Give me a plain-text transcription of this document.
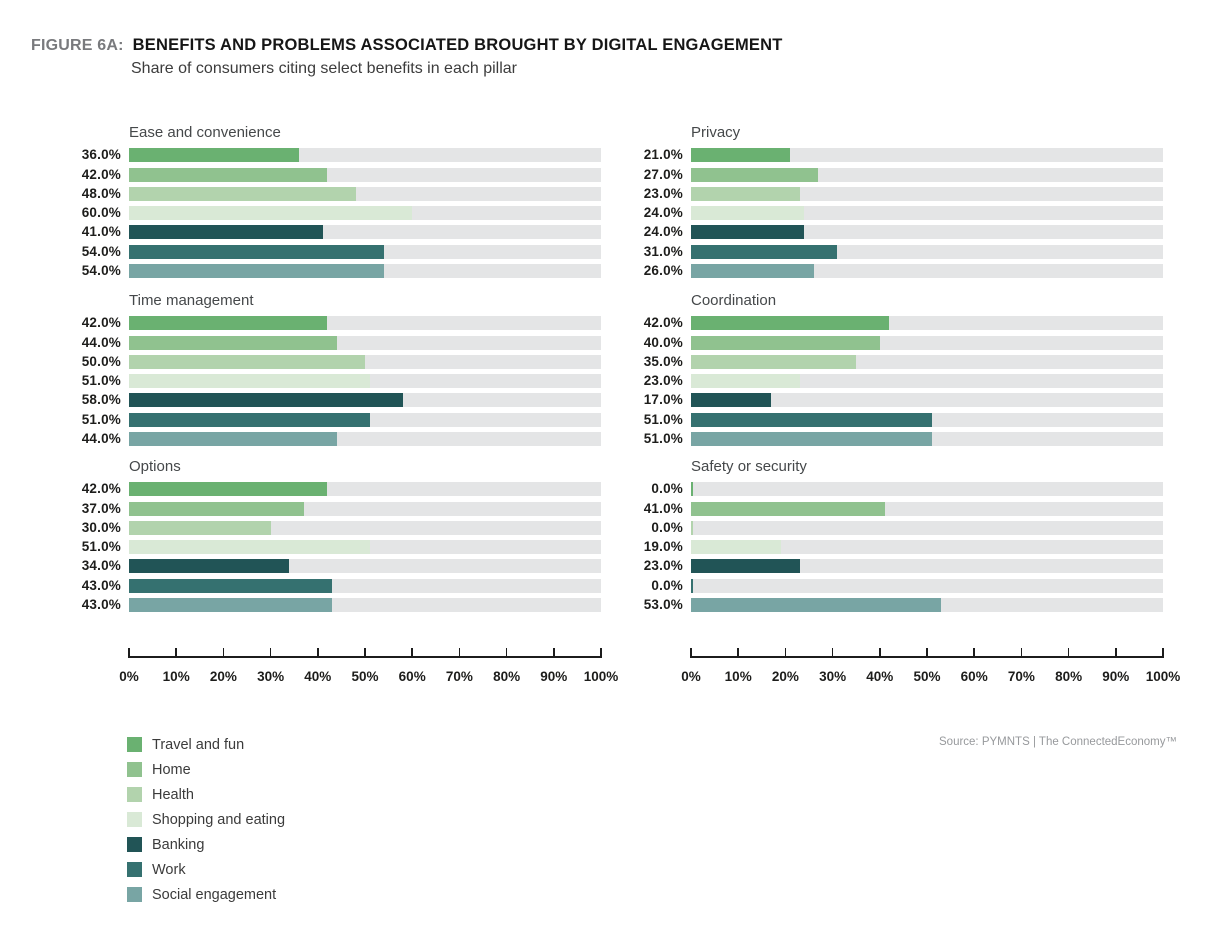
FIGURE 6A: BENEFITS AND PROBLEMS ASSOCIATED BROUGHT BY DIGITAL ENGAGEMENT
Share of consumers citing select benefits in each pillar
Ease and convenience
36.0%
42.0%
48.0%
60.0%
41.0%
54.0%
54.0%
Privacy
21.0%
27.0%
23.0%
24.0%
24.0%
31.0%
26.0%
Time management
42.0%
44.0%
50.0%
51.0%
58.0%
51.0%
44.0%
Coordination
42.0%
40.0%
35.0%
23.0%
17.0%
51.0%
51.0%
Options
42.0%
37.0%
30.0%
51.0%
34.0%
43.0%
43.0%
Safety or security
0.0%
41.0%
0.0%
19.0%
23.0%
0.0%
53.0%
0%	10%	20%	30%	40%	50%	60%	70%	80%	90%	100%	0%	10%	20%	30%	40%	50%	60%	70%	80%	90%	100%
Travel and fun
Home
Health
Shopping and eating
Banking
Work
Social engagement
Source: PYMNTS | The ConnectedEconomy™
